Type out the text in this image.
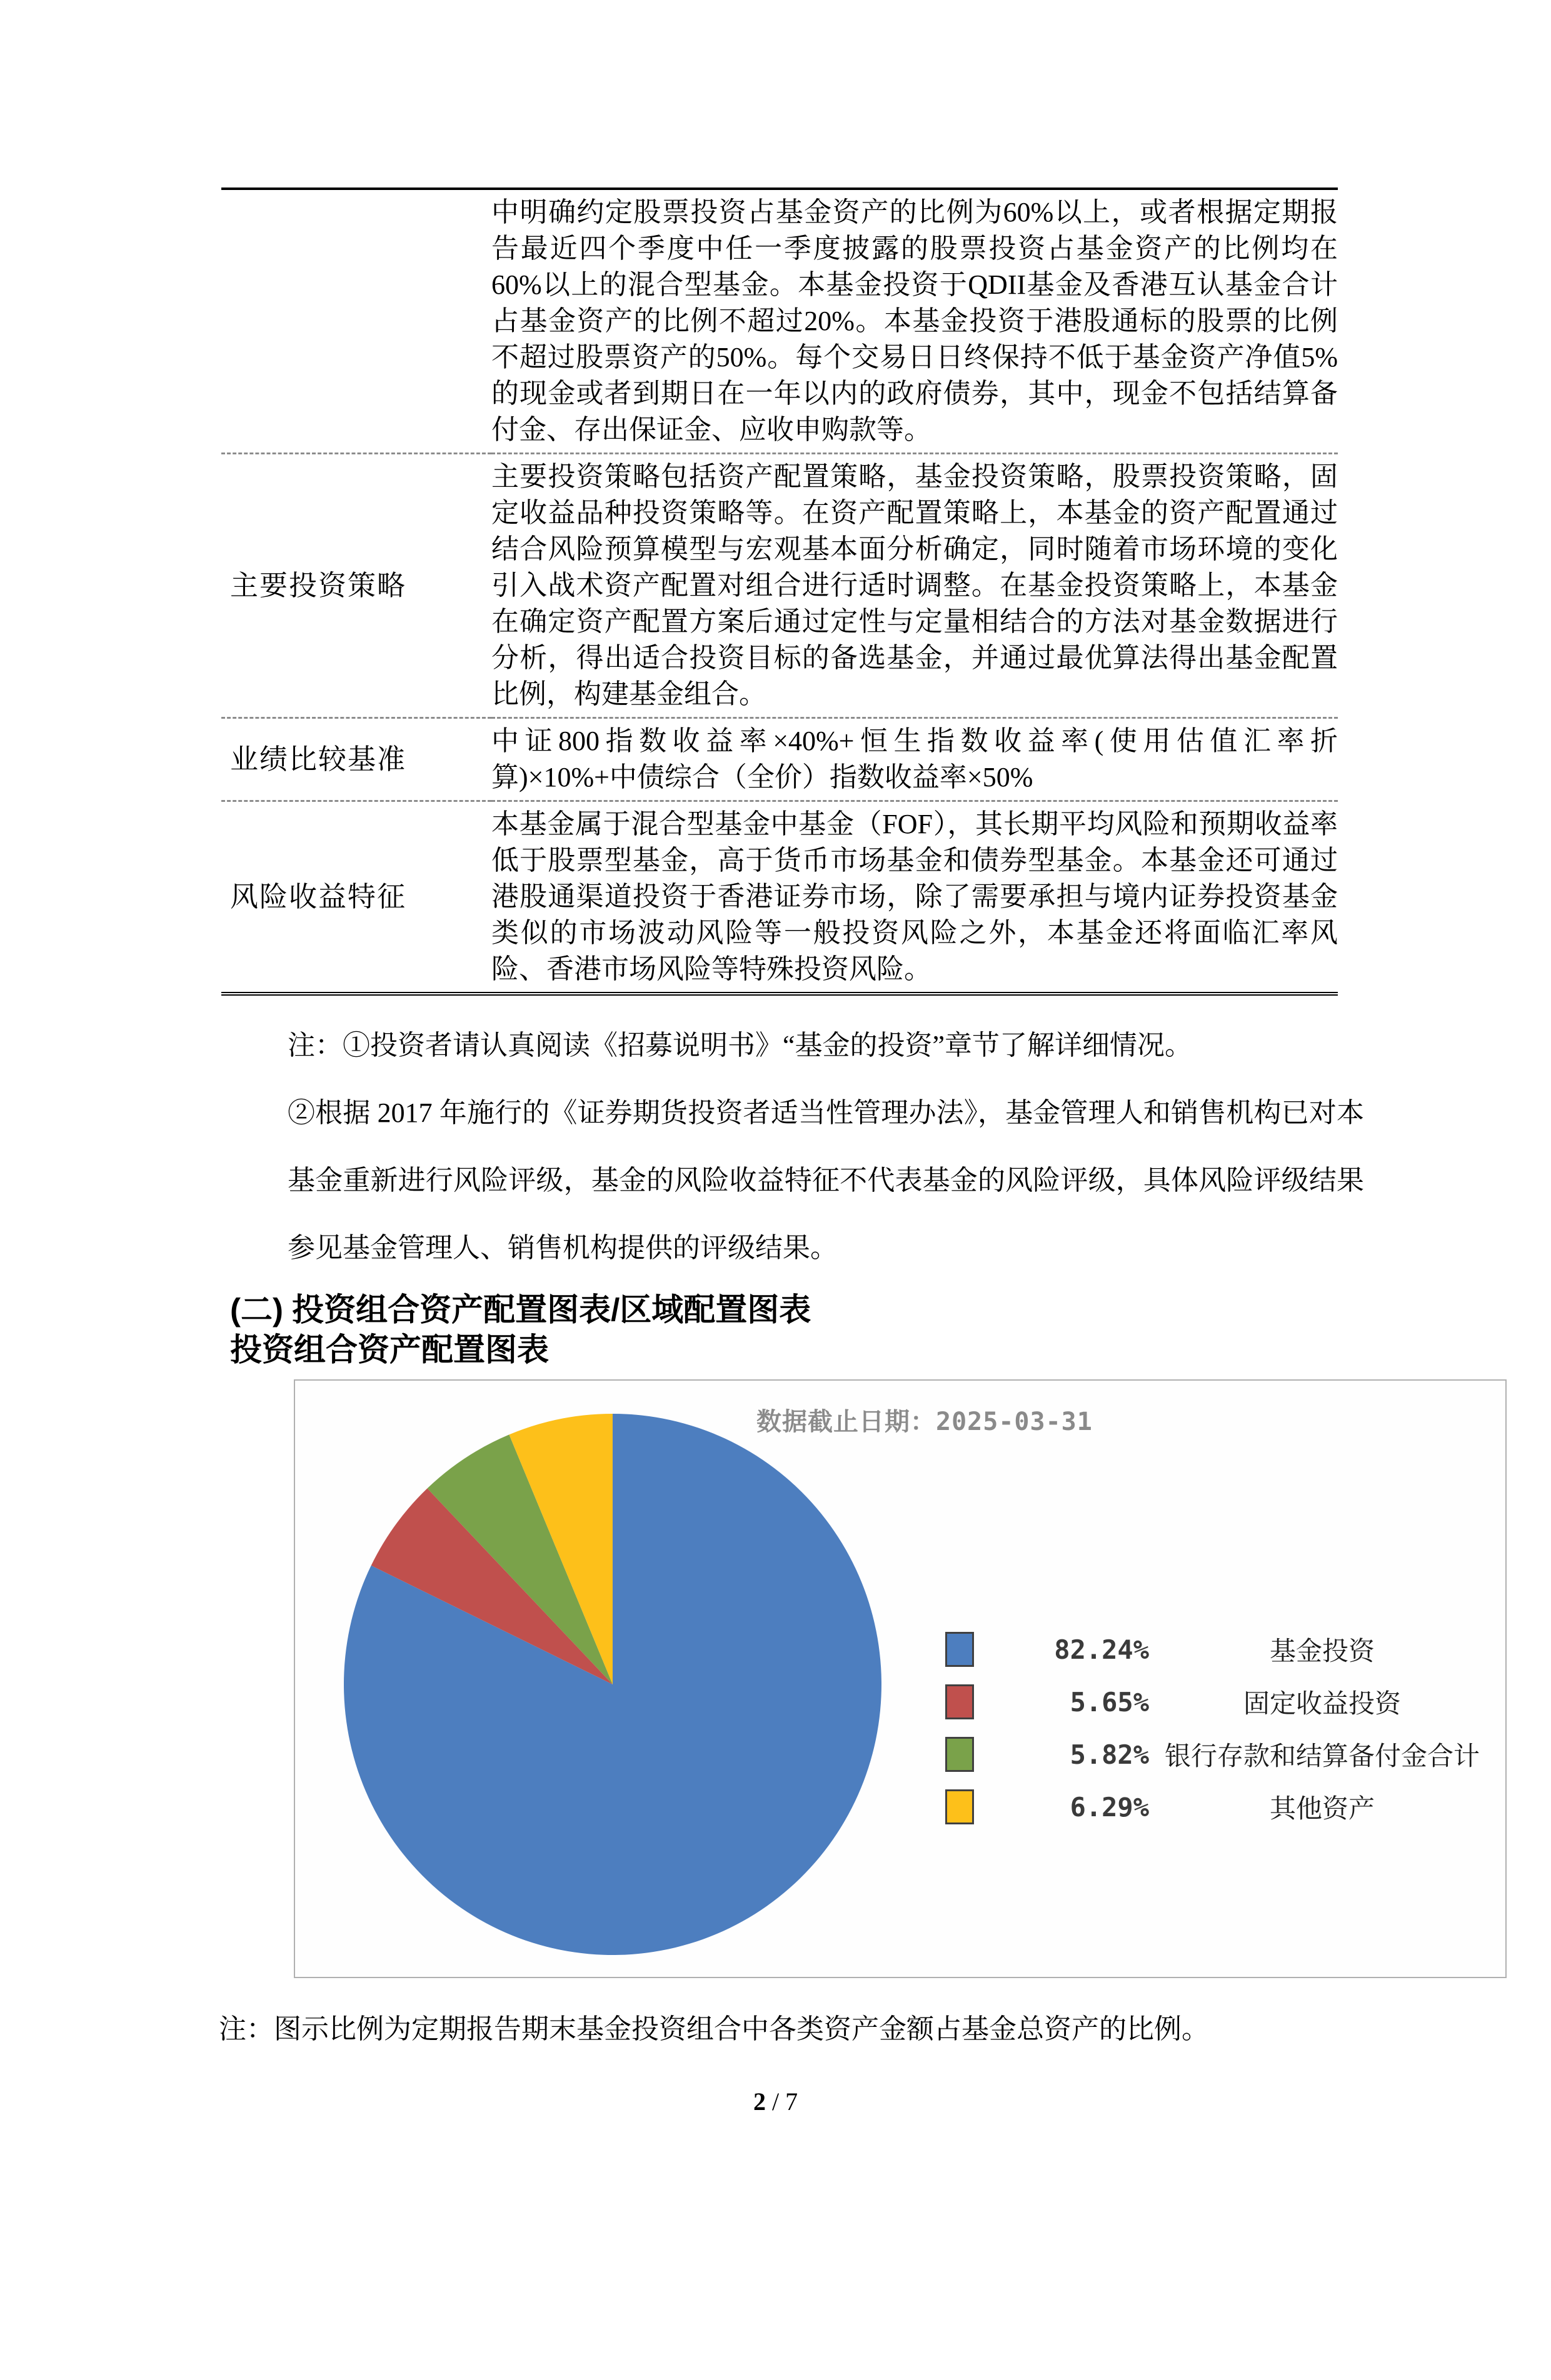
	中明确约定股票投资占基金资产的比例为60%以上，或者根据定期报告最近四个季度中任一季度披露的股票投资占基金资产的比例均在60%以上的混合型基金。本基金投资于QDII基金及香港互认基金合计占基金资产的比例不超过20%。本基金投资于港股通标的股票的比例不超过股票资产的50%。每个交易日日终保持不低于基金资产净值5%的现金或者到期日在一年以内的政府债券，其中，现金不包括结算备付金、存出保证金、应收申购款等。
主要投资策略	主要投资策略包括资产配置策略，基金投资策略，股票投资策略，固定收益品种投资策略等。在资产配置策略上，本基金的资产配置通过结合风险预算模型与宏观基本面分析确定，同时随着市场环境的变化引入战术资产配置对组合进行适时调整。在基金投资策略上，本基金在确定资产配置方案后通过定性与定量相结合的方法对基金数据进行分析，得出适合投资目标的备选基金，并通过最优算法得出基金配置比例，构建基金组合。
业绩比较基准	中证800指数收益率×40%+恒生指数收益率(使用估值汇率折算)×10%+中债综合（全价）指数收益率×50%
风险收益特征	本基金属于混合型基金中基金（FOF），其长期平均风险和预期收益率低于股票型基金，高于货币市场基金和债券型基金。本基金还可通过港股通渠道投资于香港证券市场，除了需要承担与境内证券投资基金类似的市场波动风险等一般投资风险之外，本基金还将面临汇率风险、香港市场风险等特殊投资风险。

注：①投资者请认真阅读《招募说明书》“基金的投资”章节了解详细情况。

②根据 2017 年施行的《证券期货投资者适当性管理办法》，基金管理人和销售机构已对本基金重新进行风险评级，基金的风险收益特征不代表基金的风险评级，具体风险评级结果参见基金管理人、销售机构提供的评级结果。

(二) 投资组合资产配置图表/区域配置图表
投资组合资产配置图表
数据截止日期：2025-03-31
82.24%	基金投资
5.65%	固定收益投资
5.82% 银行存款和结算备付金合计
6.29%	其他资产
注：图示比例为定期报告期末基金投资组合中各类资产金额占基金总资产的比例。
2 / 7
